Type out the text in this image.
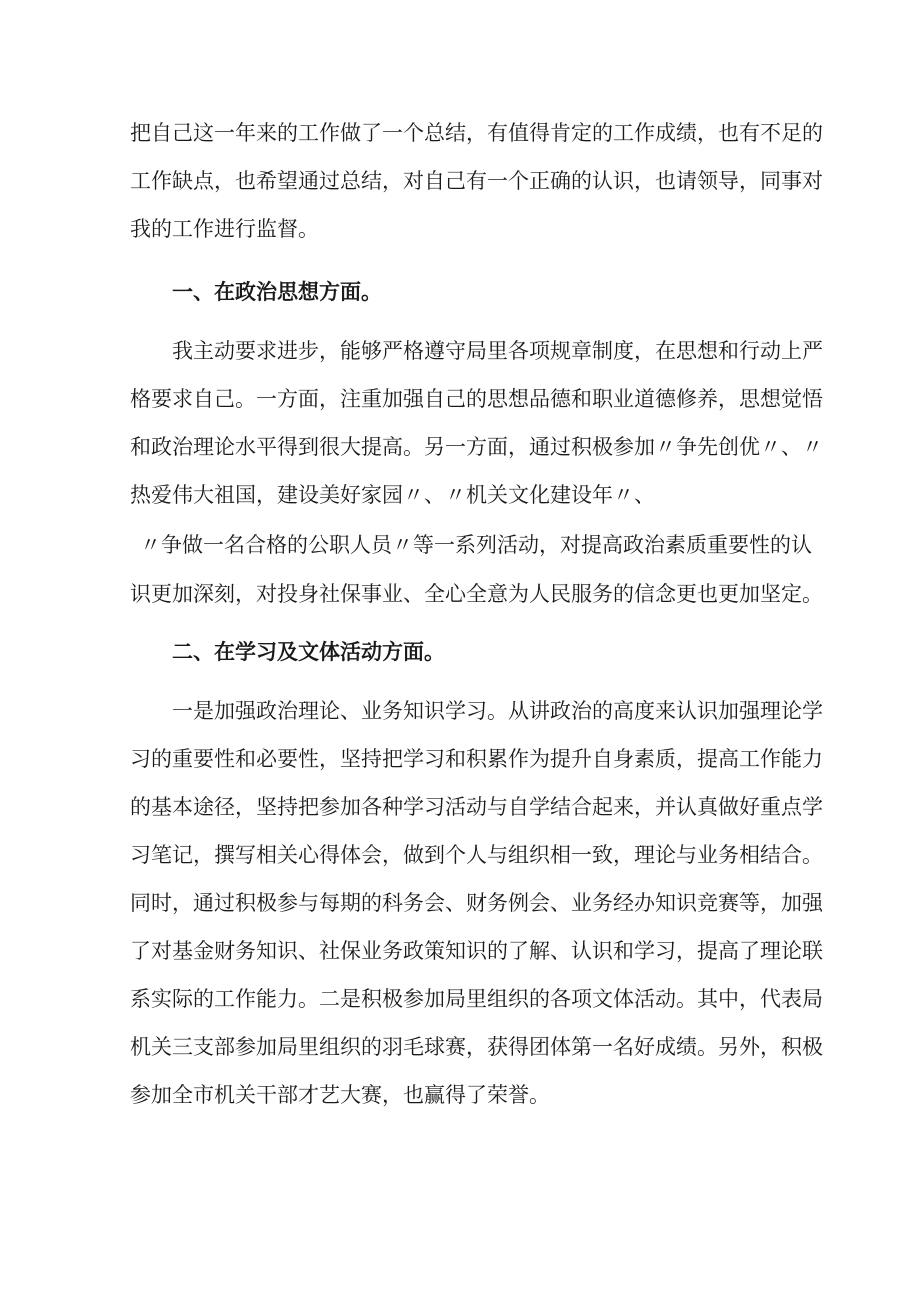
把自己这一年来的工作做了一个总结，有值得肯定的工作成绩，也有不足的
工作缺点，也希望通过总结，对自己有一个正确的认识，也请领导，同事对
我的工作进行监督。
一、在政治思想方面。
我主动要求进步，能够严格遵守局里各项规章制度，在思想和行动上严
格要求自己。一方面，注重加强自己的思想品德和职业道德修养，思想觉悟
和政治理论水平得到很大提高。另一方面，通过积极参加〃争先创优〃、〃
热爱伟大祖国，建设美好家园〃、〃机关文化建设年〃、
〃争做一名合格的公职人员〃等一系列活动，对提高政治素质重要性的认
识更加深刻，对投身社保事业、全心全意为人民服务的信念更也更加坚定。
二、在学习及文体活动方面。
一是加强政治理论、业务知识学习。从讲政治的高度来认识加强理论学
习的重要性和必要性，坚持把学习和积累作为提升自身素质，提高工作能力
的基本途径，坚持把参加各种学习活动与自学结合起来，并认真做好重点学
习笔记，撰写相关心得体会，做到个人与组织相一致，理论与业务相结合。
同时，通过积极参与每期的科务会、财务例会、业务经办知识竞赛等，加强
了对基金财务知识、社保业务政策知识的了解、认识和学习，提高了理论联
系实际的工作能力。二是积极参加局里组织的各项文体活动。其中，代表局
机关三支部参加局里组织的羽毛球赛，获得团体第一名好成绩。另外，积极
参加全市机关干部才艺大赛，也赢得了荣誉。
